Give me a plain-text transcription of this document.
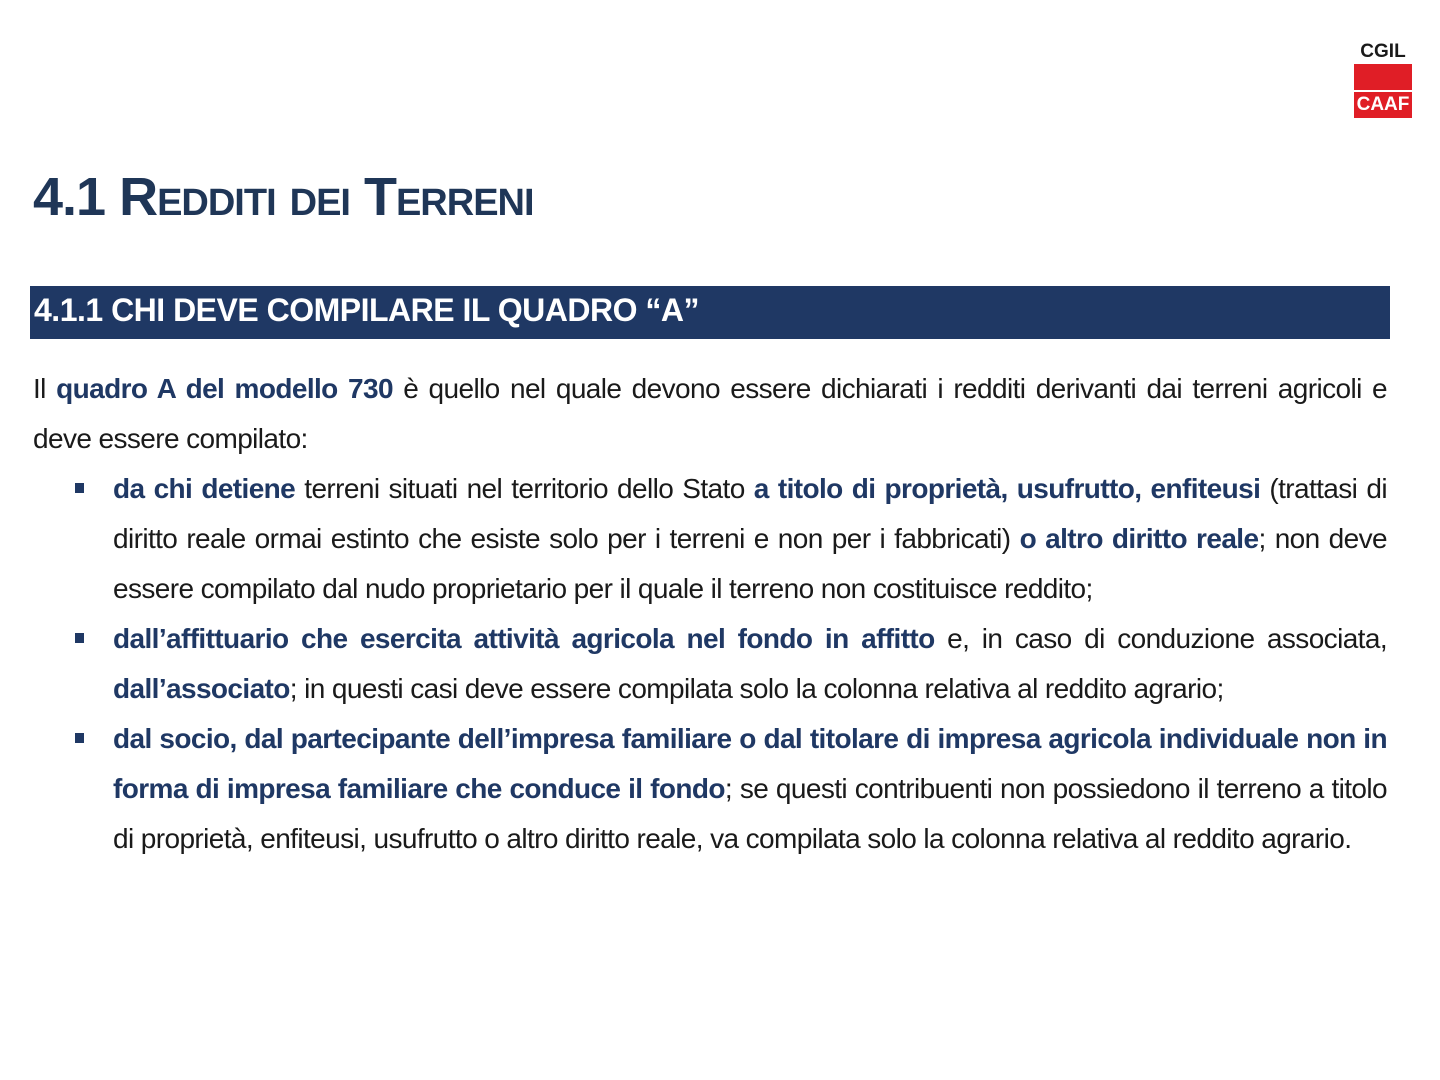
CGIL
CAAF
4.1 Redditi dei Terreni
4.1.1 CHI DEVE COMPILARE IL QUADRO “A”

Il quadro A del modello 730 è quello nel quale devono essere dichiarati i redditi derivanti dai terreni agricoli e deve essere compilato:

da chi detiene terreni situati nel territorio dello Stato a titolo di proprietà, usufrutto, enfiteusi (trattasi di diritto reale ormai estinto che esiste solo per i terreni e non per i fabbricati) o altro diritto reale; non deve essere compilato dal nudo proprietario per il quale il terreno non costituisce reddito;
dall’affittuario che esercita attività agricola nel fondo in affitto e, in caso di conduzione associata, dall’associato; in questi casi deve essere compilata solo la colonna relativa al reddito agrario;
dal socio, dal partecipante dell’impresa familiare o dal titolare di impresa agricola individuale non in forma di impresa familiare che conduce il fondo; se questi contribuenti non possiedono il terreno a titolo di proprietà, enfiteusi, usufrutto o altro diritto reale, va compilata solo la colonna relativa al reddito agrario.
